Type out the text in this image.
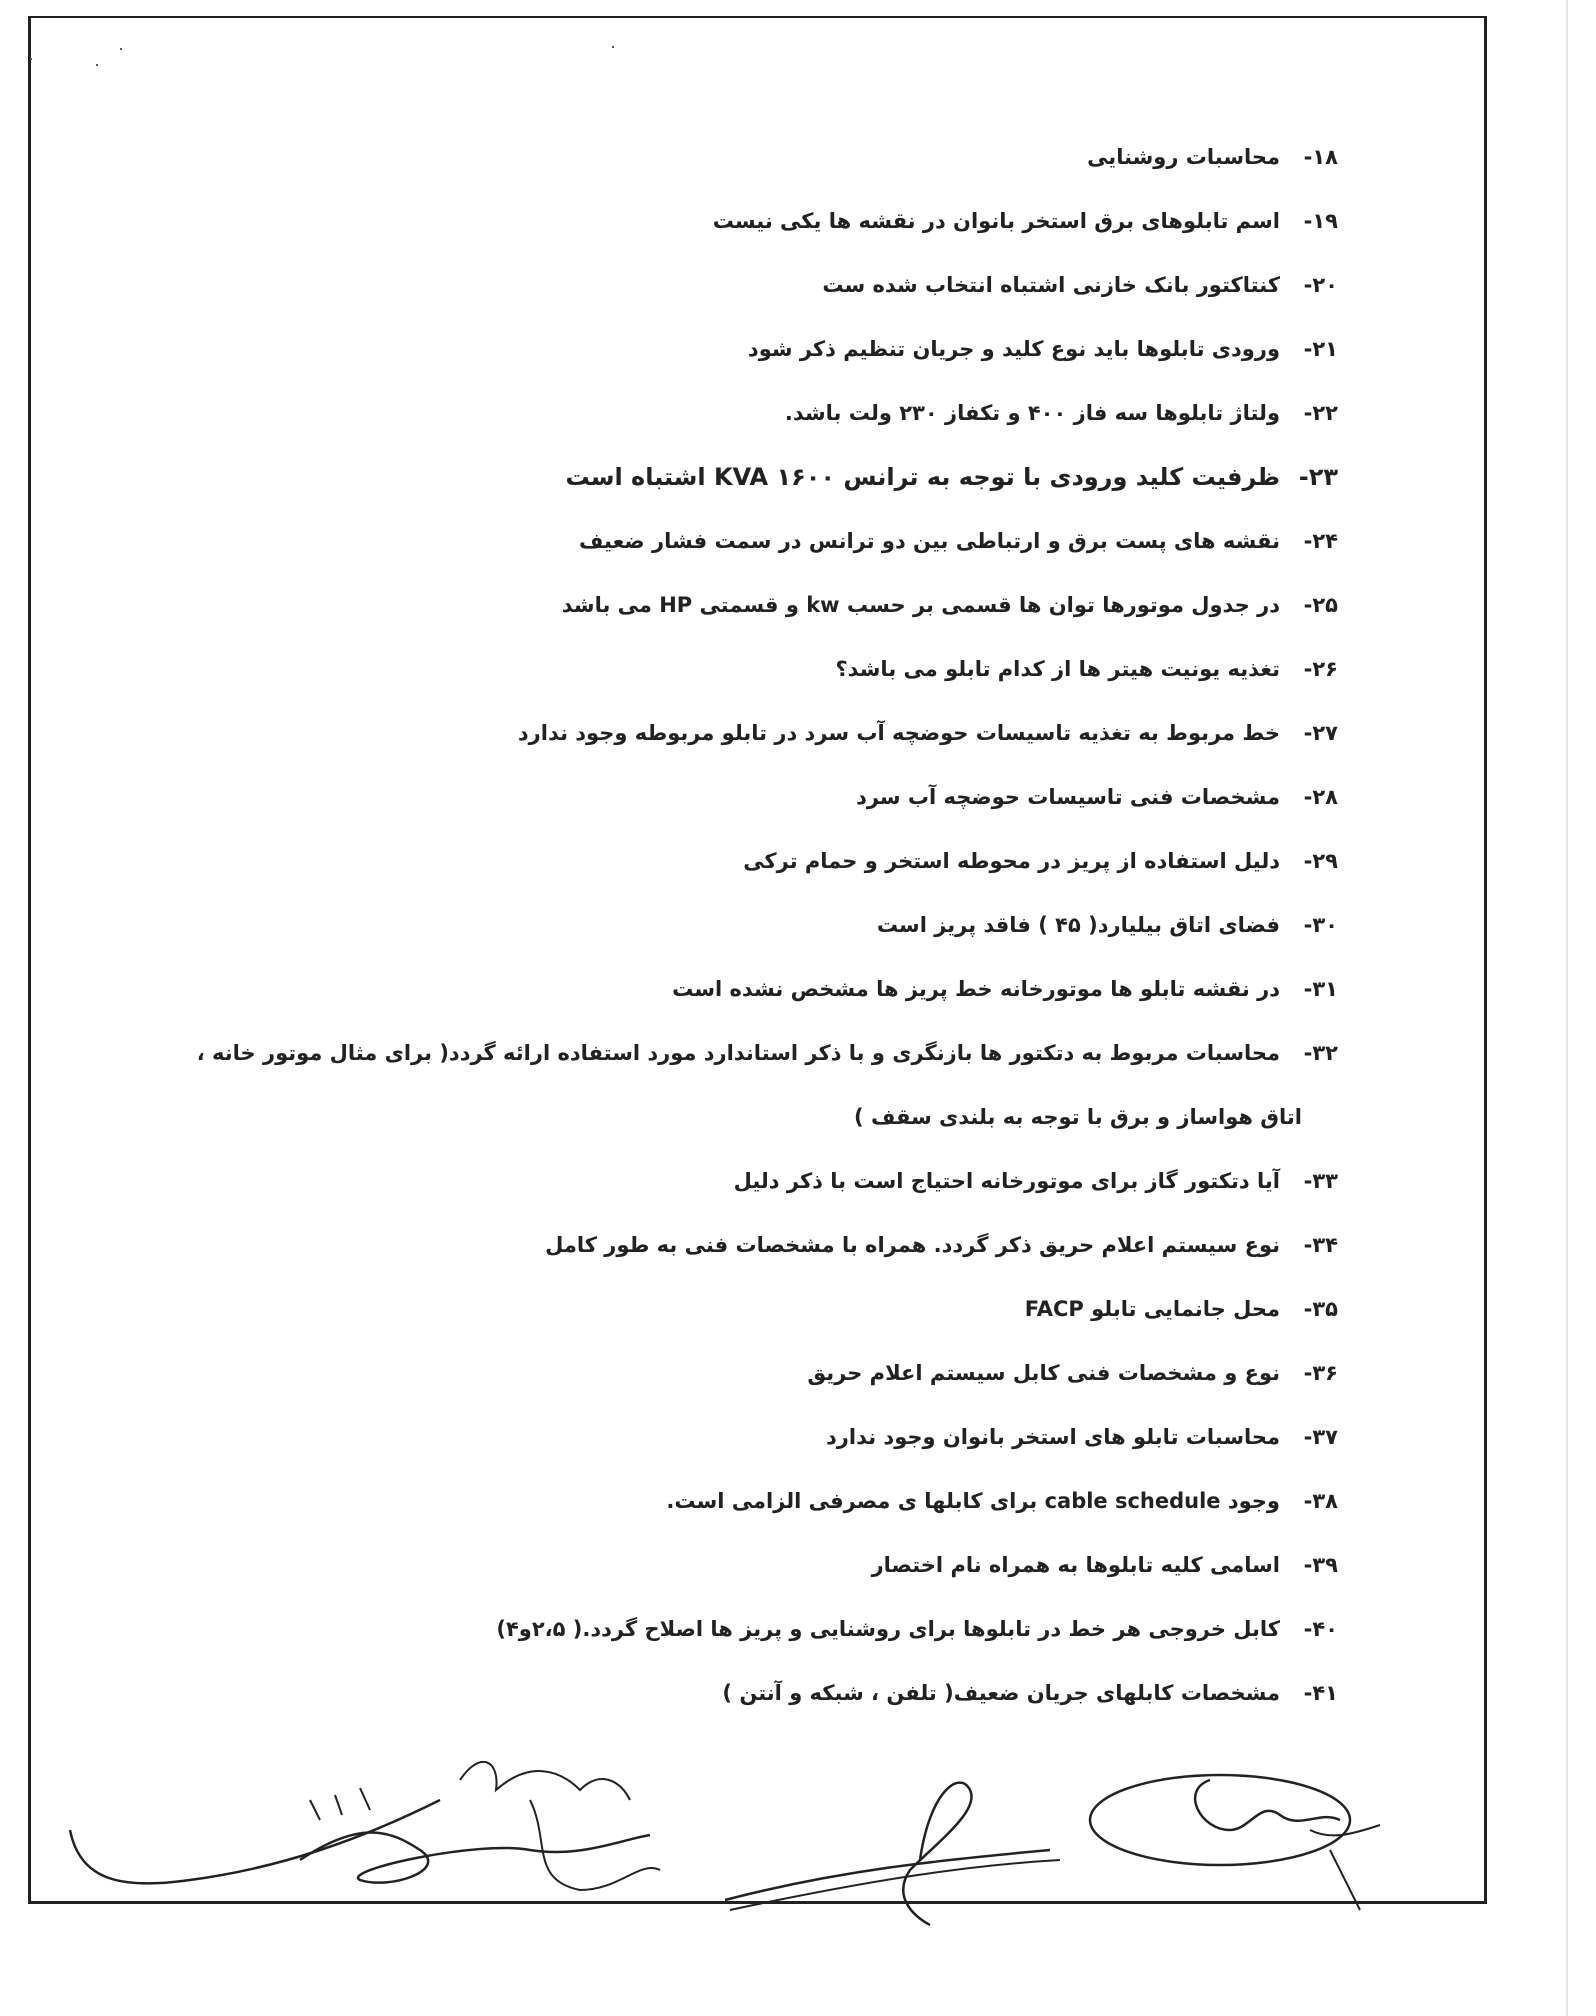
۱۸-
محاسبات روشنایی
۱۹-
اسم تابلوهای برق استخر بانوان در نقشه ها یکی نیست
۲۰-
کنتاکتور بانک خازنی اشتباه انتخاب شده ست
۲۱-
ورودی تابلوها باید نوع کلید و جریان تنظیم ذکر شود
۲۲-
ولتاژ تابلوها سه فاز ۴۰۰ و تکفاز ۲۳۰ ولت باشد.
۲۳-
ظرفیت کلید ورودی با توجه به ترانس ۱۶۰۰ KVA اشتباه است
۲۴-
نقشه های پست برق و ارتباطی بین دو ترانس در سمت فشار ضعیف
۲۵-
در جدول موتورها توان ها قسمی بر حسب kw و قسمتی HP می باشد
۲۶-
تغذیه یونیت هیتر ها از کدام تابلو می باشد؟
۲۷-
خط مربوط به تغذیه تاسیسات حوضچه آب سرد در تابلو مربوطه وجود ندارد
۲۸-
مشخصات فنی تاسیسات حوضچه آب سرد
۲۹-
دلیل استفاده از پریز در محوطه استخر و حمام ترکی
۳۰-
فضای اتاق بیلیارد( ۴۵ ) فاقد پریز است
۳۱-
در نقشه تابلو ها موتورخانه خط پریز ها مشخص نشده است
۳۲-
محاسبات مربوط به دتکتور ها بازنگری و با ذکر استاندارد مورد استفاده ارائه گردد( برای مثال موتور خانه ،
اتاق هواساز و برق با توجه به بلندی سقف )
۳۳-
آیا دتکتور گاز برای موتورخانه احتیاج است با ذکر دلیل
۳۴-
نوع سیستم اعلام حریق ذکر گردد. همراه با مشخصات فنی به طور کامل
۳۵-
محل جانمایی تابلو FACP
۳۶-
نوع و مشخصات فنی کابل سیستم اعلام حریق
۳۷-
محاسبات تابلو های استخر بانوان وجود ندارد
۳۸-
وجود cable schedule برای کابلها ی مصرفی الزامی است.
۳۹-
اسامی کلیه تابلوها به همراه نام اختصار
۴۰-
کابل خروجی هر خط در تابلوها برای روشنایی و پریز ها اصلاح گردد.( ۲،۵و۴)
۴۱-
مشخصات کابلهای جریان ضعیف( تلفن ، شبکه و آنتن )
